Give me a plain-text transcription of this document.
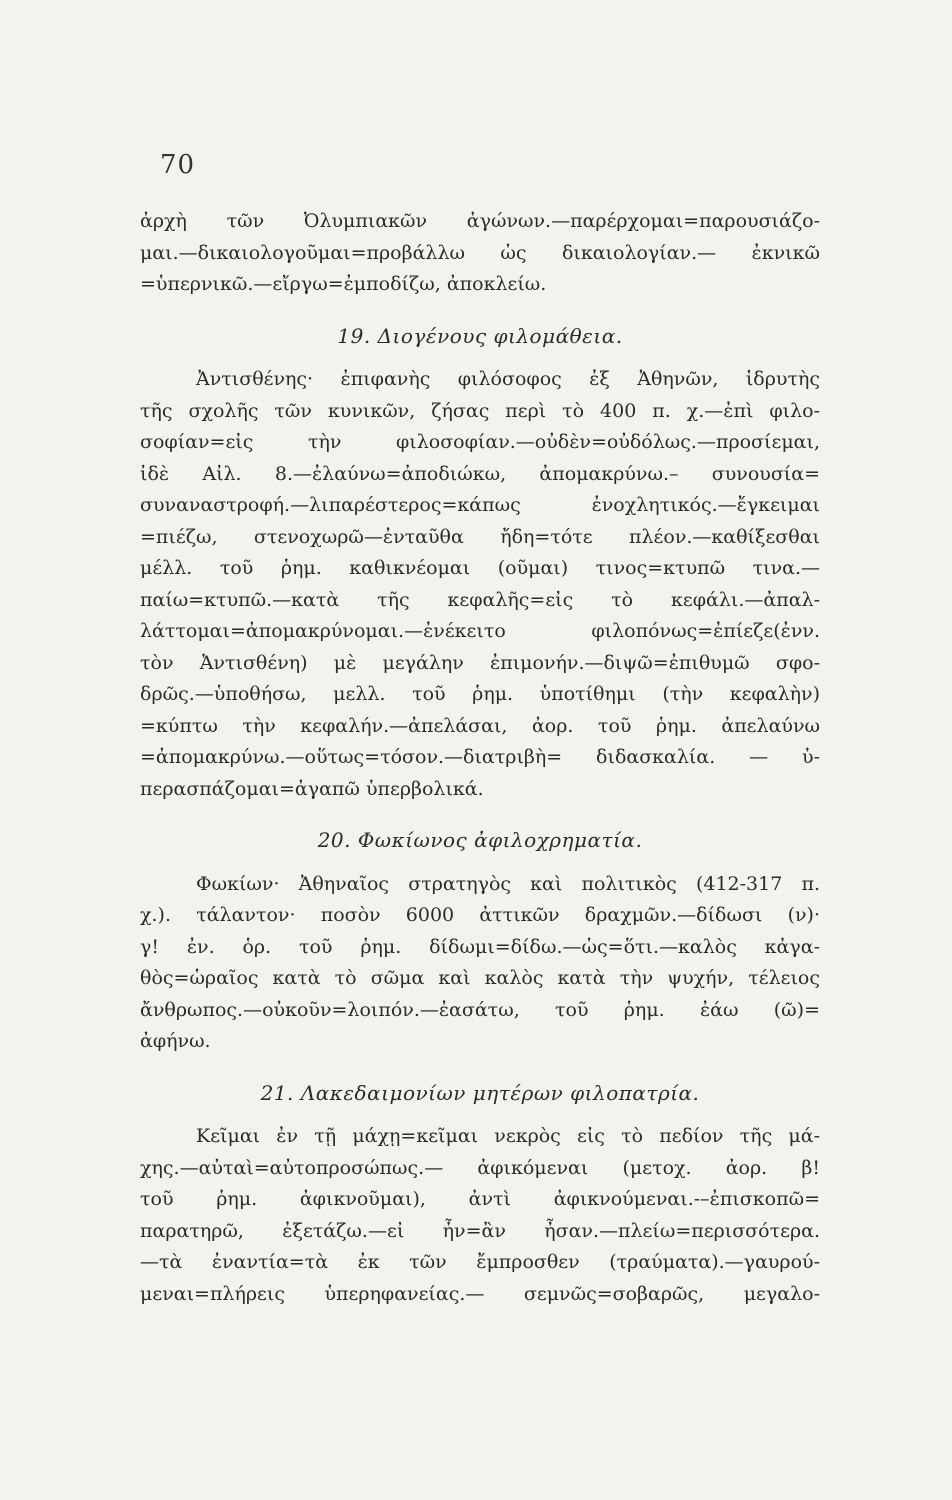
70
ἀρχὴ τῶν Ὀλυμπιακῶν ἀγώνων.—παρέρχομαι=παρουσιάζο-
μαι.—δικαιολογοῦμαι=προβάλλω ὡς δικαιολογίαν.— ἐκνικῶ
=ὑπερνικῶ.—εἴργω=ἐμποδίζω, ἀποκλείω.
19. Διογένους φιλομάθεια.
Ἀντισθένης· ἐπιφανὴς φιλόσοφος ἐξ Ἀθηνῶν, ἱδρυτὴς
τῆς σχολῆς τῶν κυνικῶν, ζήσας περὶ τὸ 400 π. χ.—ἐπὶ φιλο-
σοφίαν=εἰς τὴν φιλοσοφίαν.—οὐδὲν=οὐδόλως.—προσίεμαι,
ἰδὲ Αἰλ. 8.—ἐλαύνω=ἀποδιώκω, ἀπομακρύνω.– συνουσία=
συναναστροφή.—λιπαρέστερος=κάπως ἐνοχλητικός.—ἔγκειμαι
=πιέζω, στενοχωρῶ—ἐνταῦθα ἤδη=τότε πλέον.—καθίξεσθαι
μέλλ. τοῦ ῥημ. καθικνέομαι (οῦμαι) τινος=κτυπῶ τινα.—
παίω=κτυπῶ.—κατὰ τῆς κεφαλῆς=εἰς τὸ κεφάλι.—ἀπαλ-
λάττομαι=ἀπομακρύνομαι.—ἐνέκειτο φιλοπόνως=ἐπίεζε(ἐνν.
τὸν Ἀντισθένη) μὲ μεγάλην ἐπιμονήν.—διψῶ=ἐπιθυμῶ σφο-
δρῶς.—ὑποθήσω, μελλ. τοῦ ῥημ. ὑποτίθημι (τὴν κεφαλὴν)
=κύπτω τὴν κεφαλήν.—ἀπελάσαι, ἀορ. τοῦ ῥημ. ἀπελαύνω
=ἀπομακρύνω.—οὕτως=τόσον.—διατριβὴ= διδασκαλία. — ὑ-
περασπάζομαι=ἀγαπῶ ὑπερβολικά.
20. Φωκίωνος ἀφιλοχρηματία.
Φωκίων· Ἀθηναῖος στρατηγὸς καὶ πολιτικὸς (412-317 π.
χ.). τάλαντον· ποσὸν 6000 ἀττικῶν δραχμῶν.—δίδωσι (ν)·
γ! ἐν. ὁρ. τοῦ ῥημ. δίδωμι=δίδω.—ὡς=ὅτι.—καλὸς κἀγα-
θὸς=ὡραῖος κατὰ τὸ σῶμα καὶ καλὸς κατὰ τὴν ψυχήν, τέλειος
ἄνθρωπος.—οὐκοῦν=λοιπόν.—ἐασάτω, τοῦ ῥημ. ἐάω (ῶ)=
ἀφήνω.
21. Λακεδαιμονίων μητέρων φιλοπατρία.
Κεῖμαι ἐν τῇ μάχῃ=κεῖμαι νεκρὸς εἰς τὸ πεδίον τῆς μά-
χης.—αὐταὶ=αὐτοπροσώπως.— ἀφικόμεναι (μετοχ. ἀορ. β!
τοῦ ῥημ. ἀφικνοῦμαι), ἀντὶ ἀφικνούμεναι.-–ἐπισκοπῶ=
παρατηρῶ, ἐξετάζω.—εἰ ἦν=ἂν ἦσαν.—πλείω=περισσότερα.
—τὰ ἐναντία=τὰ ἐκ τῶν ἔμπροσθεν (τραύματα).—γαυρού-
μεναι=πλήρεις ὑπερηφανείας.— σεμνῶς=σοβαρῶς, μεγαλο-
